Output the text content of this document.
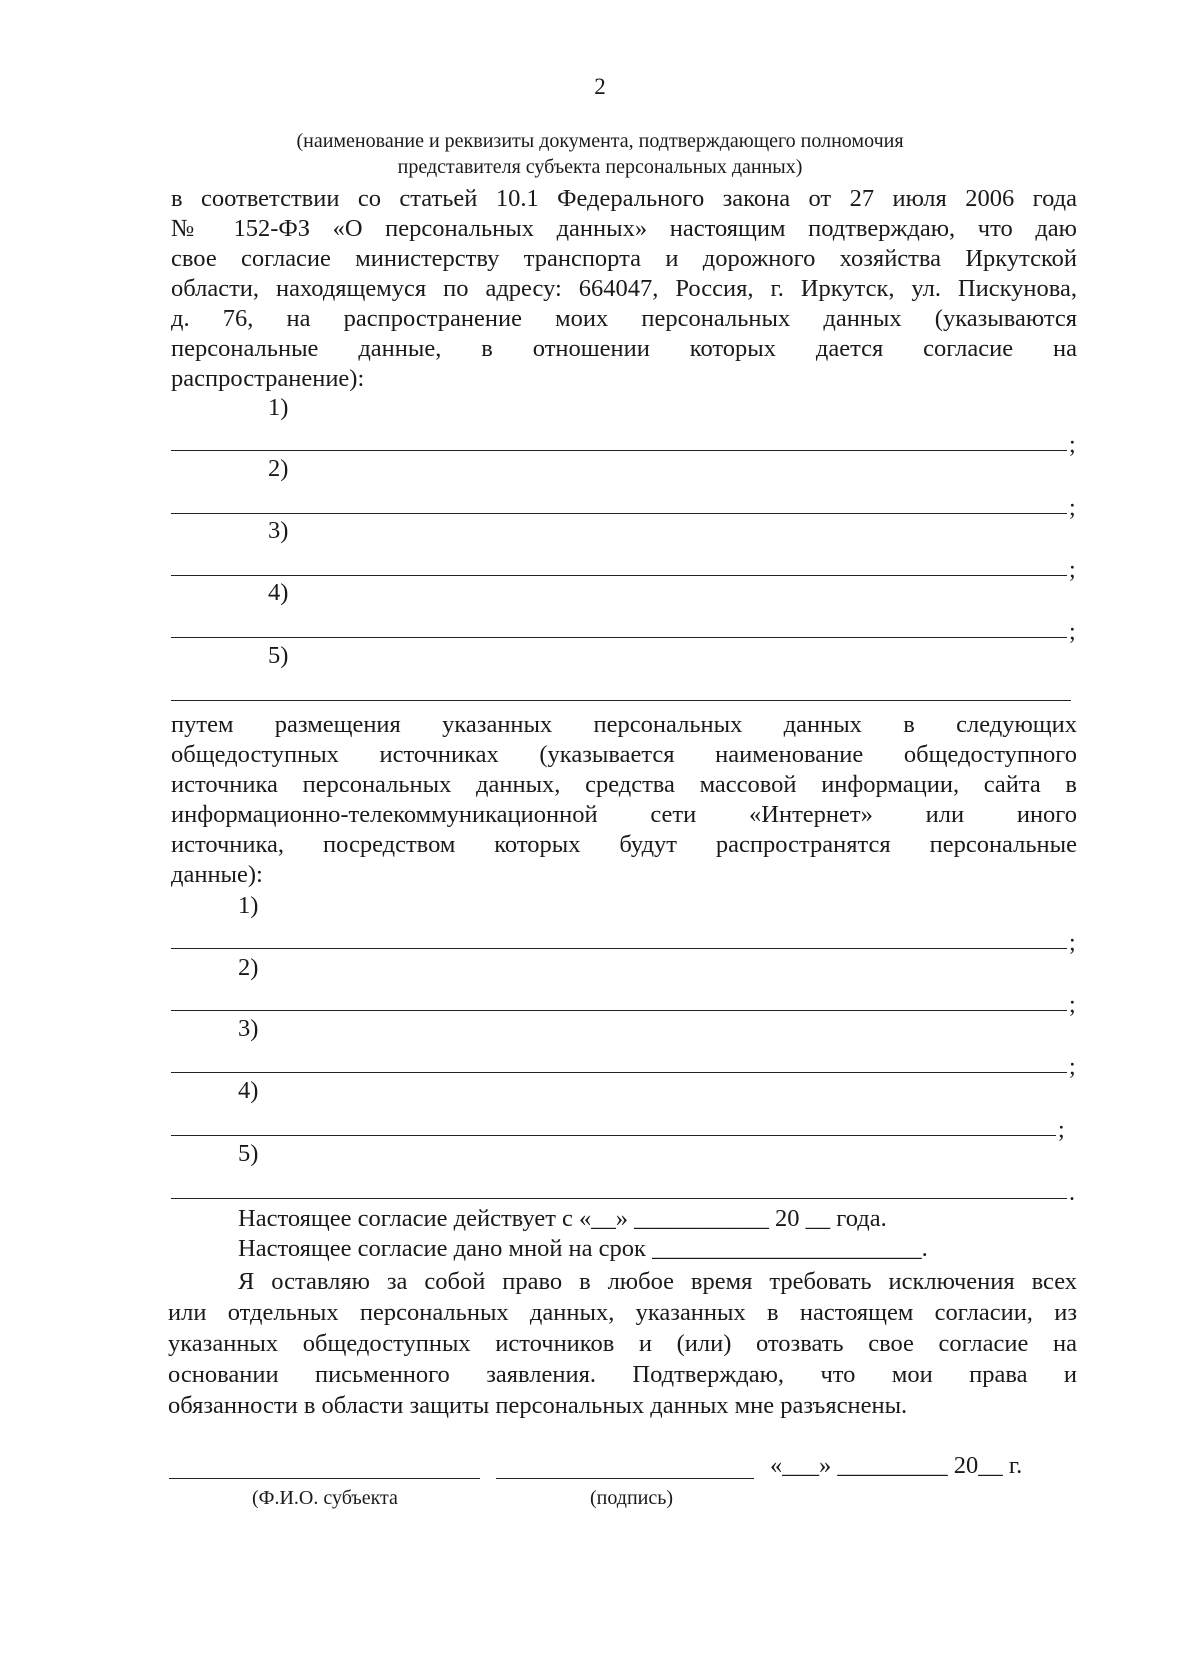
2
(наименование и реквизиты документа, подтверждающего полномочия
представителя субъекта персональных данных)
в соответствии со статьей 10.1 Федерального закона от 27 июля 2006 года
№ 152-ФЗ «О персональных данных» настоящим подтверждаю, что даю
свое согласие министерству транспорта и дорожного хозяйства Иркутской
области, находящемуся по адресу: 664047, Россия, г. Иркутск, ул. Пискунова,
д. 76, на распространение моих персональных данных (указываются
персональные данные, в отношении которых дается согласие на
распространение):
1)
;
2)
;
3)
;
4)
;
5)
путем размещения указанных персональных данных в следующих
общедоступных источниках (указывается наименование общедоступного
источника персональных данных, средства массовой информации, сайта в
информационно-телекоммуникационной сети «Интернет» или иного
источника, посредством которых будут распространятся персональные
данные):
1)
;
2)
;
3)
;
4)
;
5)
.
Настоящее согласие действует с «__» ___________ 20 __ года.
Настоящее согласие дано мной на срок ______________________.
Я оставляю за собой право в любое время требовать исключения всех
или отдельных персональных данных, указанных в настоящем согласии, из
указанных общедоступных источников и (или) отозвать свое согласие на
основании письменного заявления. Подтверждаю, что мои права и
обязанности в области защиты персональных данных мне разъяснены.
«___» _________ 20__ г.
(Ф.И.О. субъекта	(подпись)
